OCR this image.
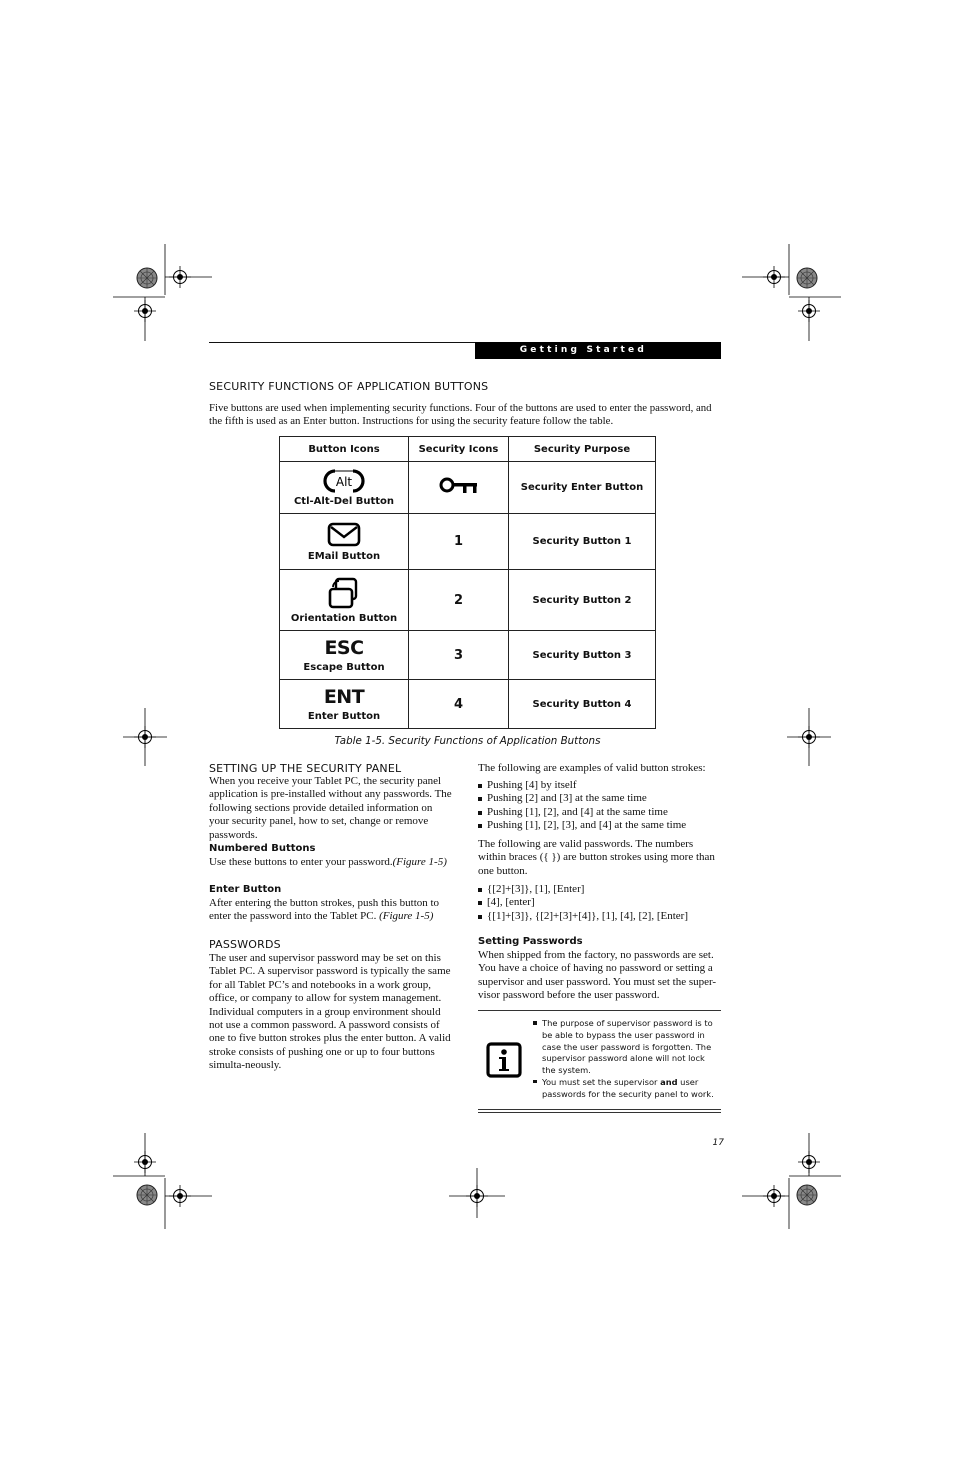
Getting Started
SECURITY FUNCTIONS OF APPLICATION BUTTONS

Five buttons are used when implementing security functions. Four of the buttons are used to enter the password, and the fifth is used as an Enter button. Instructions for using the security feature follow the table.

Button Icons	Security Icons	Security Purpose

Alt
Ctl-Alt-Del Button		Security Enter Button

EMail Button	1	Security Button 1

Orientation Button	2	Security Button 2

ESC
Escape Button	3	Security Button 3

ENT
Enter Button	4	Security Button 4
Table 1-5. Security Functions of Application Buttons
SETTING UP THE SECURITY PANEL

When you receive your Tablet PC, the security panel application is pre-installed without any passwords. The following sections provide detailed information on your security panel, how to set, change or remove passwords.

Numbered Buttons

Use these buttons to enter your password.(Figure 1-5)

Enter Button

After entering the button strokes, push this button to enter the password into the Tablet PC. (Figure 1-5)

PASSWORDS

The user and supervisor password may be set on this Tablet PC. A supervisor password is typically the same for all Tablet PC’s and notebooks in a work group, office, or company to allow for system management. Individual computers in a group environment should not use a common password. A password consists of one to five button strokes plus the enter button. A valid stroke consists of pushing one or up to four buttons simulta-neously.

The following are examples of valid button strokes:

Pushing [4] by itself
Pushing [2] and [3] at the same time
Pushing [1], [2], and [4] at the same time
Pushing [1], [2], [3], and [4] at the same time

The following are valid passwords. The numbers within braces ({ }) are button strokes using more than one button.

{[2]+[3]}, [1], [Enter]
[4], [enter]
{[1]+[3]}, {[2]+[3]+[4]}, [1], [4], [2], [Enter]
Setting Passwords

When shipped from the factory, no passwords are set. You have a choice of having no password or setting a supervisor and user password. You must set the super-visor password before the user password.

The purpose of supervisor password is to be able to bypass the user password in case the user password is forgotten. The supervisor password alone will not lock the system.
You must set the supervisor and user passwords for the security panel to work.
17
